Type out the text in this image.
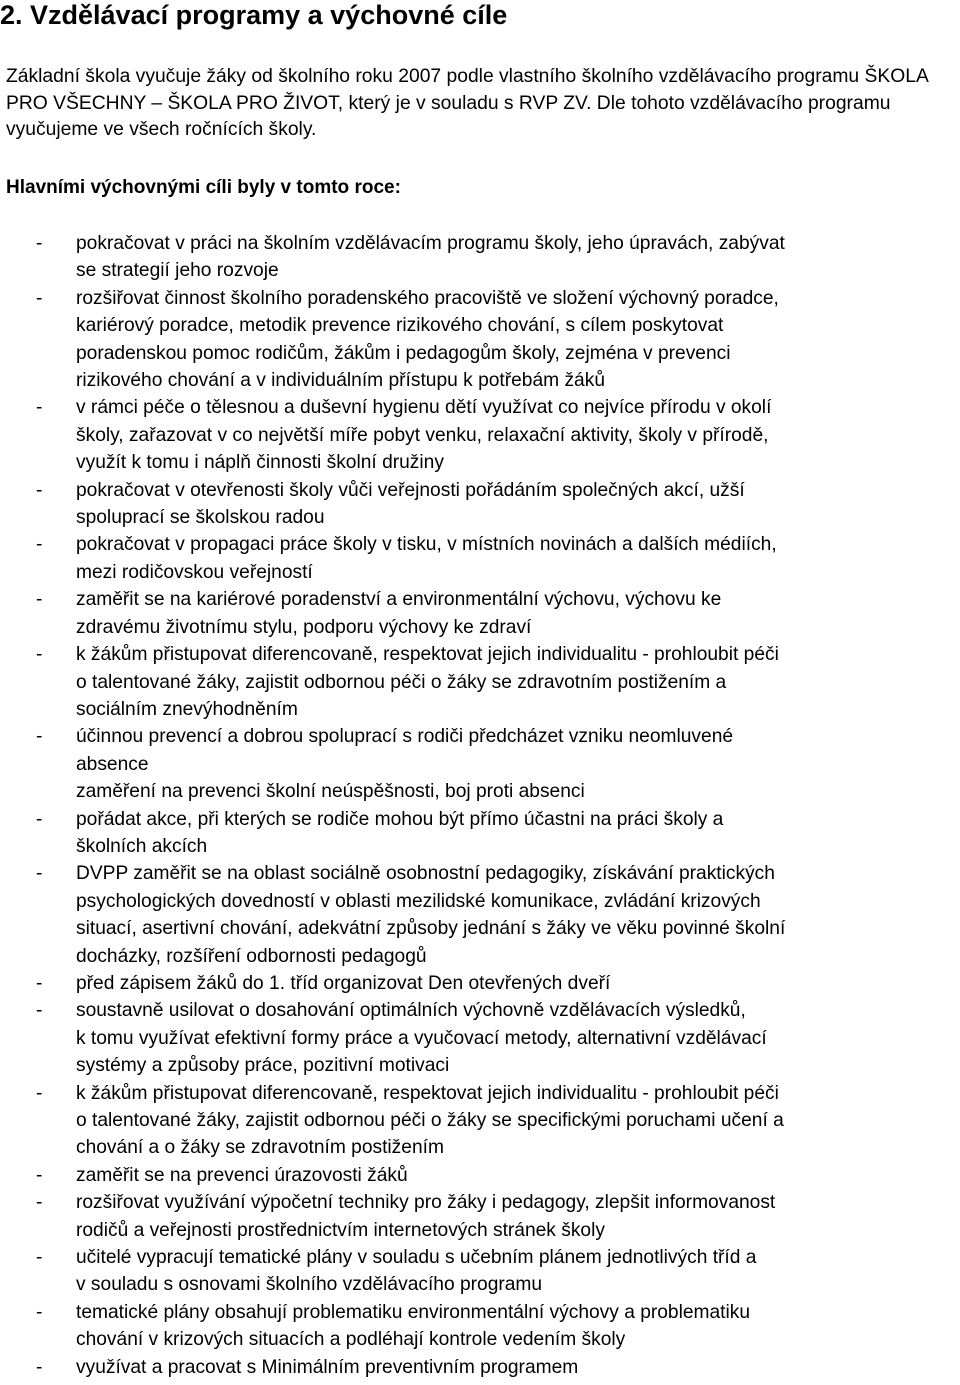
2. Vzdělávací programy a výchovné cíle

Základní škola vyučuje žáky od školního roku 2007 podle vlastního školního vzdělávacího programu ŠKOLA PRO VŠECHNY – ŠKOLA PRO ŽIVOT, který je v souladu s RVP ZV. Dle tohoto vzdělávacího programu vyučujeme ve všech ročnících školy.

Hlavními výchovnými cíli byly v tomto roce:
- pokračovat v práci na školním vzdělávacím programu školy, jeho úpravách, zabývat
se strategií jeho rozvoje
- rozšiřovat činnost školního poradenského pracoviště ve složení výchovný poradce,
kariérový poradce, metodik prevence rizikového chování, s cílem poskytovat
poradenskou pomoc rodičům, žákům i pedagogům školy, zejména v prevenci
rizikového chování a v individuálním přístupu k potřebám žáků
- v rámci péče o tělesnou a duševní hygienu dětí využívat co nejvíce přírodu v okolí
školy, zařazovat v co největší míře pobyt venku, relaxační aktivity, školy v přírodě,
využít k tomu i náplň činnosti školní družiny
- pokračovat v otevřenosti školy vůči veřejnosti pořádáním společných akcí, užší
spoluprací se školskou radou
- pokračovat v propagaci práce školy v tisku, v místních novinách a dalších médiích,
mezi rodičovskou veřejností
- zaměřit se na kariérové poradenství a environmentální výchovu, výchovu ke
zdravému životnímu stylu, podporu výchovy ke zdraví
- k žákům přistupovat diferencovaně, respektovat jejich individualitu - prohloubit péči
o talentované žáky, zajistit odbornou péči o žáky se zdravotním postižením a
sociálním znevýhodněním
- účinnou prevencí a dobrou spoluprací s rodiči předcházet vzniku neomluvené
absence
zaměření na prevenci školní neúspěšnosti, boj proti absenci
- pořádat akce, při kterých se rodiče mohou být přímo účastni na práci školy a
školních akcích
- DVPP zaměřit se na oblast sociálně osobnostní pedagogiky, získávání praktických
psychologických dovedností v oblasti mezilidské komunikace, zvládání krizových
situací, asertivní chování, adekvátní způsoby jednání s žáky ve věku povinné školní
docházky, rozšíření odbornosti pedagogů
- před zápisem žáků do 1. tříd organizovat Den otevřených dveří
- soustavně usilovat o dosahování optimálních výchovně vzdělávacích výsledků,
k tomu využívat efektivní formy práce a vyučovací metody, alternativní vzdělávací
systémy a způsoby práce, pozitivní motivaci
- k žákům přistupovat diferencovaně, respektovat jejich individualitu - prohloubit péči
o talentované žáky, zajistit odbornou péči o žáky se specifickými poruchami učení a
chování a o žáky se zdravotním postižením
- zaměřit se na prevenci úrazovosti žáků
- rozšiřovat využívání výpočetní techniky pro žáky i pedagogy, zlepšit informovanost
rodičů a veřejnosti prostřednictvím internetových stránek školy
- učitelé vypracují tematické plány v souladu s učebním plánem jednotlivých tříd a
v souladu s osnovami školního vzdělávacího programu
- tematické plány obsahují problematiku environmentální výchovy a problematiku
chování v krizových situacích a podléhají kontrole vedením školy
- využívat a pracovat s Minimálním preventivním programem
